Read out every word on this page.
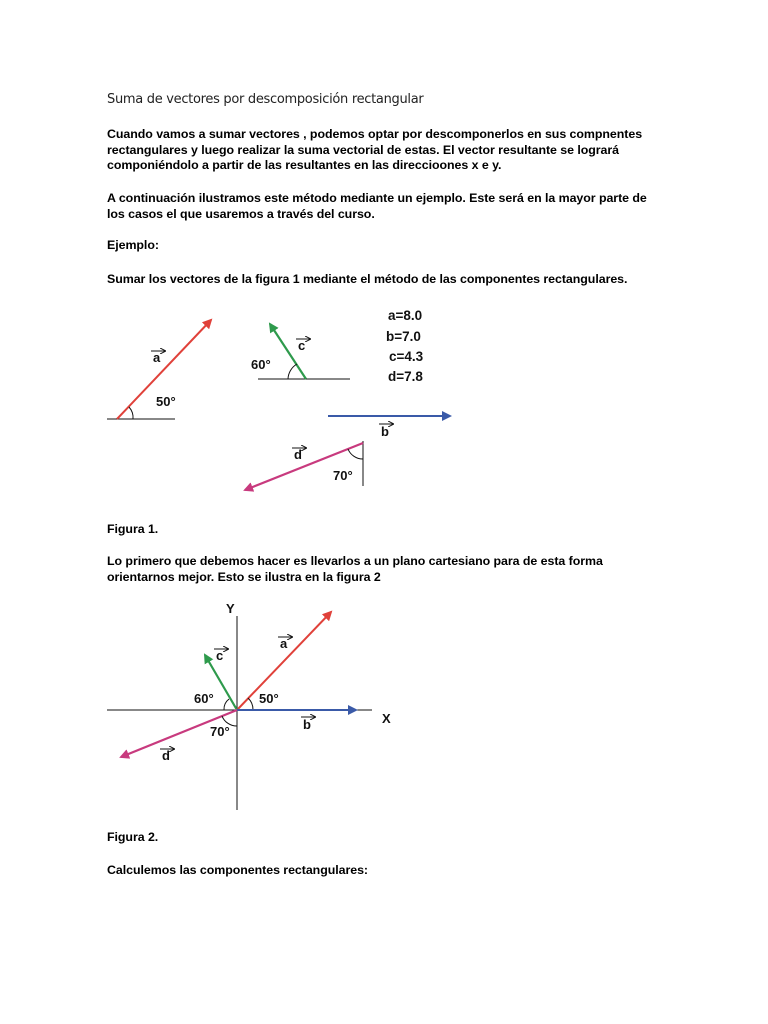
Suma de vectores por descomposición rectangular
Cuando vamos a sumar vectores , podemos optar por descomponerlos en sus compnentes rectangulares y luego realizar la suma vectorial de estas. El vector resultante se logrará componiéndolo a partir de las resultantes en las direccioones x e y.
A continuación ilustramos este método mediante un ejemplo. Este será en la mayor parte de los casos el que usaremos a través del curso.
Ejemplo:
Sumar los vectores de la figura 1 mediante el método de las componentes rectangulares.
a
50°
c
60°
a=8.0
b=7.0
c=4.3
d=7.8
b
d
70°
Figura 1.
Lo primero que debemos hacer es llevarlos a un plano cartesiano para de esta forma orientarnos mejor. Esto se ilustra en la figura 2
Y
X
a
50°
c
60°
b
d
70°
Figura 2.
Calculemos las componentes rectangulares:
